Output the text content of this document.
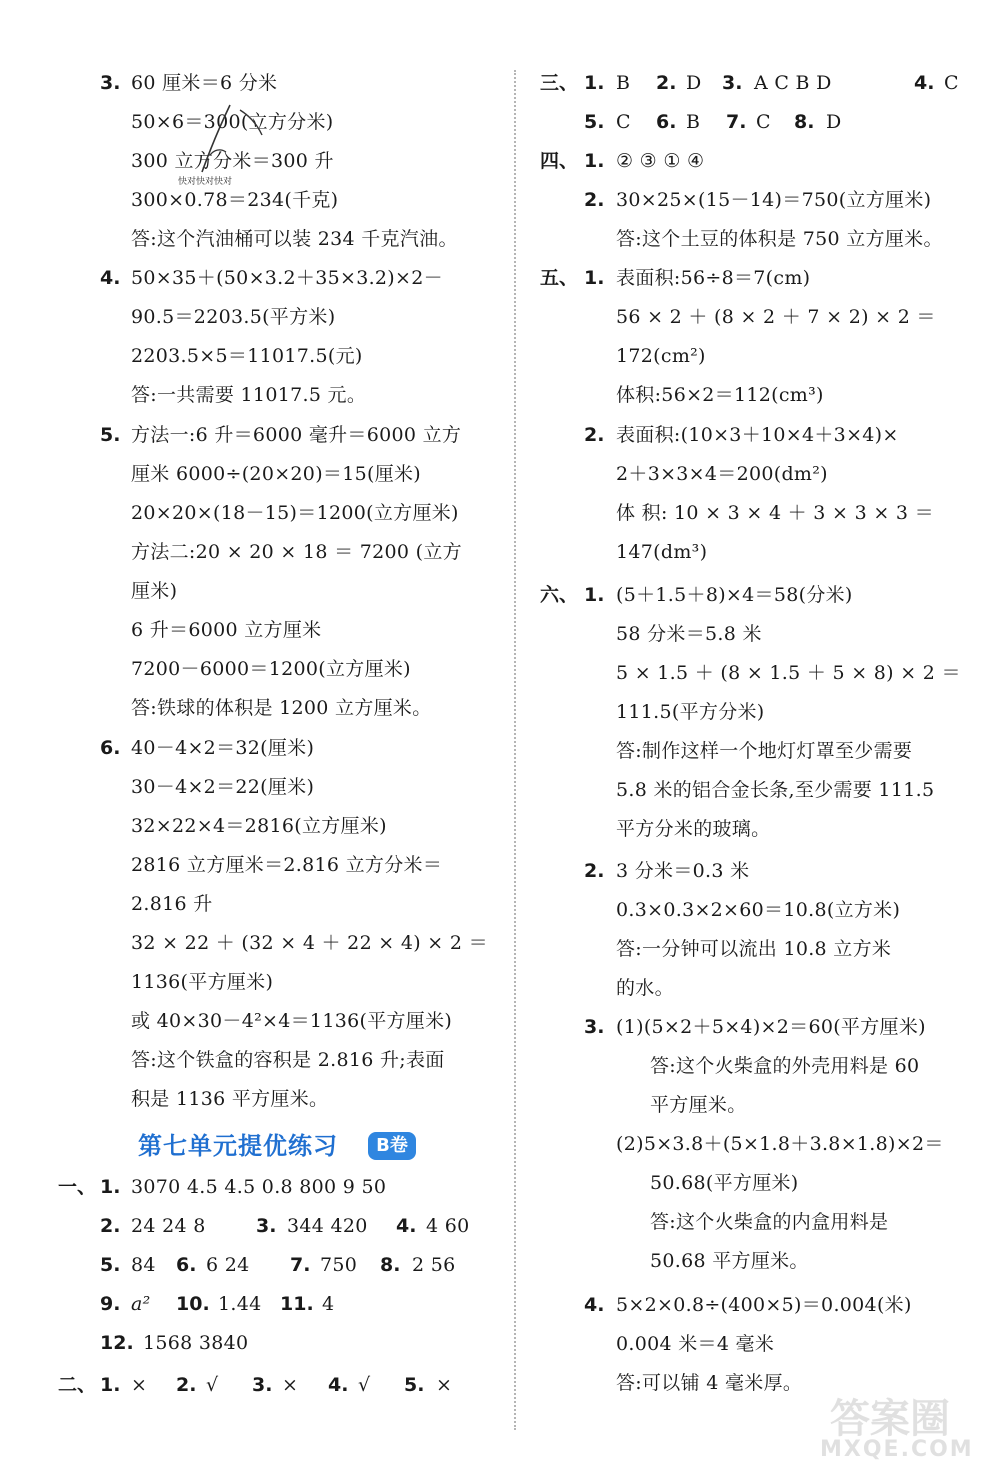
3. 60 厘米＝6 分米
50×6＝300(立方分米)
300 立方分米＝300 升
300×0.78＝234(千克)
答:这个汽油桶可以装 234 千克汽油。
4. 50×35＋(50×3.2＋35×3.2)×2－
90.5＝2203.5(平方米)
2203.5×5＝11017.5(元)
答:一共需要 11017.5 元。
5. 方法一:6 升＝6000 毫升＝6000 立方
厘米 6000÷(20×20)＝15(厘米)
20×20×(18－15)＝1200(立方厘米)
方法二:20 × 20 × 18 ＝ 7200 (立方
厘米)
6 升＝6000 立方厘米
7200－6000＝1200(立方厘米)
答:铁球的体积是 1200 立方厘米。
6. 40－4×2＝32(厘米)
30－4×2＝22(厘米)
32×22×4＝2816(立方厘米)
2816 立方厘米＝2.816 立方分米＝
2.816 升
32 × 22 ＋ (32 × 4 ＋ 22 × 4) × 2 ＝
1136(平方厘米)
或 40×30－4²×4＝1136(平方厘米)
答:这个铁盒的容积是 2.816 升;表面
积是 1136 平方厘米。
第七单元提优练习	B卷
一、 1. 3070 4.5 4.5 0.8 800 9 50
2. 24 24 8	3. 344 420 4. 4 60
5. 84 6. 6 24 7. 750 8. 2 56
9. a² 10. 1.44 11. 4
12. 1568 3840
二、 1. × 2. √ 3. × 4. √ 5. ×
快对快对快对
三、 1. B 2. D 3. A C B D	4. C
5. C 6. B 7. C 8. D
四、 1. ② ③ ① ④
2. 30×25×(15－14)＝750(立方厘米)
答:这个土豆的体积是 750 立方厘米。
五、 1. 表面积:56÷8＝7(cm)
56 × 2 ＋ (8 × 2 ＋ 7 × 2) × 2 ＝
172(cm²)
体积:56×2＝112(cm³)
2. 表面积:(10×3＋10×4＋3×4)×
2＋3×3×4＝200(dm²)
体 积: 10 × 3 × 4 ＋ 3 × 3 × 3 ＝
147(dm³)
六、 1. (5＋1.5＋8)×4＝58(分米)
58 分米＝5.8 米
5 × 1.5 ＋ (8 × 1.5 ＋ 5 × 8) × 2 ＝
111.5(平方分米)
答:制作这样一个地灯灯罩至少需要
5.8 米的铝合金长条,至少需要 111.5
平方分米的玻璃。
2. 3 分米＝0.3 米
0.3×0.3×2×60＝10.8(立方米)
答:一分钟可以流出 10.8 立方米
的水。
3. (1)(5×2＋5×4)×2＝60(平方厘米)
答:这个火柴盒的外壳用料是 60
平方厘米。
(2)5×3.8＋(5×1.8＋3.8×1.8)×2＝
50.68(平方厘米)
答:这个火柴盒的内盒用料是
50.68 平方厘米。
4. 5×2×0.8÷(400×5)＝0.004(米)
0.004 米＝4 毫米
答:可以铺 4 毫米厚。
答案圈
MXQE.COM
